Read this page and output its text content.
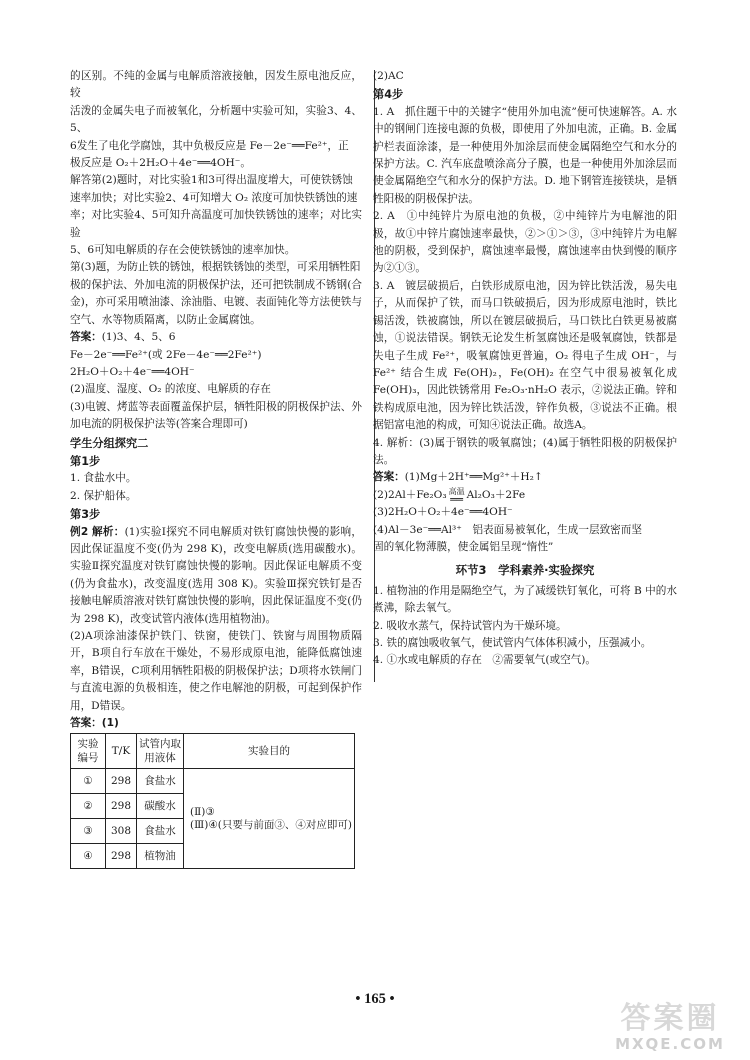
的区别。不纯的金属与电解质溶液接触，因发生原电池反应，较

活泼的金属失电子而被氧化，分析题中实验可知，实验3、4、5、

6发生了电化学腐蚀，其中负极反应是 Fe－2e⁻══Fe²⁺，正

极反应是 O₂＋2H₂O＋4e⁻══4OH⁻。

解答第(2)题时，对比实验1和3可得出温度增大，可使铁锈蚀

速率加快；对比实验2、4可知增大 O₂ 浓度可加快铁锈蚀的速

率；对比实验4、5可知升高温度可加快铁锈蚀的速率；对比实验

5、6可知电解质的存在会使铁锈蚀的速率加快。

第(3)题，为防止铁的锈蚀，根据铁锈蚀的类型，可采用牺牲阳

极的保护法、外加电流的阴极保护法，还可把铁制成不锈钢(合金)，亦可采用喷油漆、涂油脂、电镀、表面钝化等方法使铁与空气、水等物质隔离，以防止金属腐蚀。

答案：(1)3、4、5、6

Fe－2e⁻══Fe²⁺(或 2Fe－4e⁻══2Fe²⁺)

2H₂O＋O₂＋4e⁻══4OH⁻

(2)温度、湿度、O₂ 的浓度、电解质的存在

(3)电镀、烤蓝等表面覆盖保护层，牺牲阳极的阴极保护法、外加电流的阴极保护法等(答案合理即可)

学生分组探究二

第1步

1. 食盐水中。

2. 保护船体。

第3步

例2 解析：(1)实验Ⅰ探究不同电解质对铁钉腐蚀快慢的影响，因此保证温度不变(仍为 298 K)，改变电解质(选用碳酸水)。实验Ⅱ探究温度对铁钉腐蚀快慢的影响。因此保证电解质不变(仍为食盐水)，改变温度(选用 308 K)。实验Ⅲ探究铁钉是否接触电解质溶液对铁钉腐蚀快慢的影响，因此保证温度不变(仍为 298 K)，改变试管内液体(选用植物油)。

(2)A项涂油漆保护铁门、铁窗，使铁门、铁窗与周围物质隔开，B项自行车放在干燥处，不易形成原电池，能降低腐蚀速率，B错误，C项利用牺牲阳极的阴极保护法；D项将水铁闸门与直流电源的负极相连，使之作电解池的阴极，可起到保护作用，D错误。

答案：(1)

实验编号	T/K	试管内取用液体	实验目的
①	298	食盐水	(Ⅱ)③
(Ⅲ)④(只要与前面③、④对应即可)

②	298	碳酸水	
③	308	食盐水	
④	298	植物油	

(2)AC

第4步

1. A　抓住题干中的关键字“使用外加电流”便可快速解答。A. 水中的钢闸门连接电源的负极，即使用了外加电流，正确。B. 金属护栏表面涂漆，是一种使用外加涂层而使金属隔绝空气和水分的保护方法。C. 汽车底盘喷涂高分子膜，也是一种使用外加涂层而使金属隔绝空气和水分的保护方法。D. 地下钢管连接镁块，是牺牲阳极的阴极保护法。

2. A　①中纯锌片为原电池的负极，②中纯锌片为电解池的阳极，故①中锌片腐蚀速率最快，②＞①＞③，③中纯锌片为电解池的阴极，受到保护，腐蚀速率最慢，腐蚀速率由快到慢的顺序为②①③。

3. A　镀层破损后，白铁形成原电池，因为锌比铁活泼，易失电子，从而保护了铁，而马口铁破损后，因为形成原电池时，铁比锡活泼，铁被腐蚀，所以在镀层破损后，马口铁比白铁更易被腐蚀，①说法错误。钢铁无论发生析氢腐蚀还是吸氧腐蚀，铁都是失电子生成 Fe²⁺，吸氧腐蚀更普遍，O₂ 得电子生成 OH⁻，与 Fe²⁺ 结合生成 Fe(OH)₂，Fe(OH)₂ 在空气中很易被氧化成 Fe(OH)₃，因此铁锈常用 Fe₂O₃·nH₂O 表示，②说法正确。锌和铁构成原电池，因为锌比铁活泼，锌作负极，③说法不正确。根据铝富电池的构成，可知④说法正确。故选A。

4. 解析：(3)属于钢铁的吸氧腐蚀；(4)属于牺牲阳极的阴极保护法。

答案：(1)Mg＋2H⁺══Mg²⁺＋H₂↑

(2)2Al＋Fe₂O₃ 高温
══ Al₂O₃＋2Fe

(3)2H₂O＋O₂＋4e⁻══4OH⁻

(4)Al－3e⁻══Al³⁺　铝表面易被氧化，生成一层致密而坚

固的氧化物薄膜，使金属铝呈现“惰性”

环节3　学科素养·实验探究

1. 植物油的作用是隔绝空气，为了减缓铁钉氧化，可将 B 中的水煮沸，除去氧气。

2. 吸收水蒸气，保持试管内为干燥环境。

3. 铁的腐蚀吸收氧气，使试管内气体体积减小，压强减小。

4. ①水或电解质的存在　②需要氧气(或空气)。

• 165 •
答案圈
MXQE.COM
